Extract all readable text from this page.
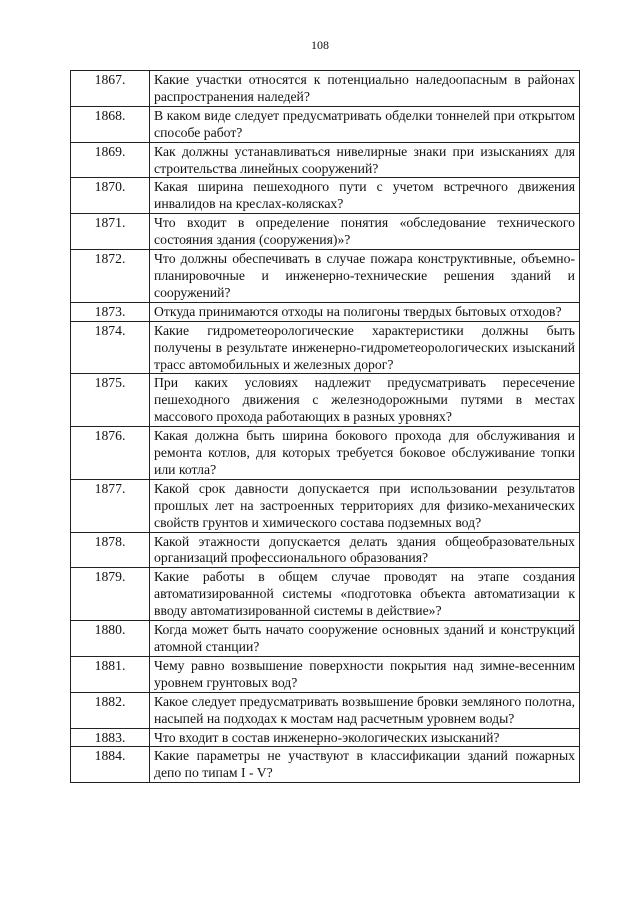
108
1867.	Какие участки относятся к потенциально наледоопасным в районах распространения наледей?
1868.	В каком виде следует предусматривать обделки тоннелей при открытом способе работ?
1869.	Как должны устанавливаться нивелирные знаки при изысканиях для строительства линейных сооружений?
1870.	Какая ширина пешеходного пути с учетом встречного движения инвалидов на креслах-колясках?
1871.	Что входит в определение понятия «обследование технического состояния здания (сооружения)»?
1872.	Что должны обеспечивать в случае пожара конструктивные, объемно-планировочные и инженерно-технические решения зданий и сооружений?
1873.	Откуда принимаются отходы на полигоны твердых бытовых отходов?
1874.	Какие гидрометеорологические характеристики должны быть получены в результате инженерно-гидрометеорологических изысканий трасс автомобильных и железных дорог?
1875.	При каких условиях надлежит предусматривать пересечение пешеходного движения с железнодорожными путями в местах массового прохода работающих в разных уровнях?
1876.	Какая должна быть ширина бокового прохода для обслуживания и ремонта котлов, для которых требуется боковое обслуживание топки или котла?
1877.	Какой срок давности допускается при использовании результатов прошлых лет на застроенных территориях для физико-механических свойств грунтов и химического состава подземных вод?
1878.	Какой этажности допускается делать здания общеобразовательных организаций профессионального образования?
1879.	Какие работы в общем случае проводят на этапе создания автоматизированной системы «подготовка объекта автоматизации к вводу автоматизированной системы в действие»?
1880.	Когда может быть начато сооружение основных зданий и конструкций атомной станции?
1881.	Чему равно возвышение поверхности покрытия над зимне-весенним уровнем грунтовых вод?
1882.	Какое следует предусматривать возвышение бровки земляного полотна, насыпей на подходах к мостам над расчетным уровнем воды?
1883.	Что входит в состав инженерно-экологических изысканий?
1884.	Какие параметры не участвуют в классификации зданий пожарных депо по типам I - V?
